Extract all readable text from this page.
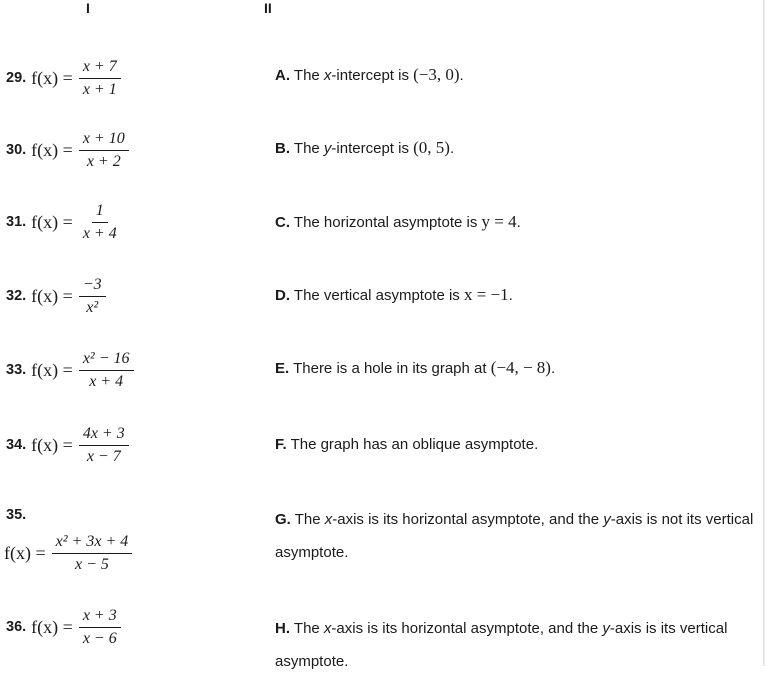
I	II
29. $f(x) = \frac{x + 7}{x + 1}$
30. $f(x) = \frac{x + 10}{x + 2}$
31. $f(x) = \frac{1}{x + 4}$
32. $f(x) = \frac{-3}{\text{x²}}$
33. $f(x) = \frac{\text{x² − 16}}{x + 4}$
34. $f(x) = \frac{4x + 3}{x - 7}$
35.
$f(x) = \frac{\text{x² + 3x + 4}}{x - 5}$
36. $f(x) = \frac{x + 3}{x - 6}$
A. The x-intercept is (−3, 0).
B. The y-intercept is (0, 5).
C. The horizontal asymptote is y = 4.
D. The vertical asymptote is x = −1.
E. There is a hole in its graph at (−4, − 8).
F. The graph has an oblique asymptote.
G. The x-axis is its horizontal asymptote, and the y-axis is not its vertical asymptote.
H. The x-axis is its horizontal asymptote, and the y-axis is its vertical asymptote.
